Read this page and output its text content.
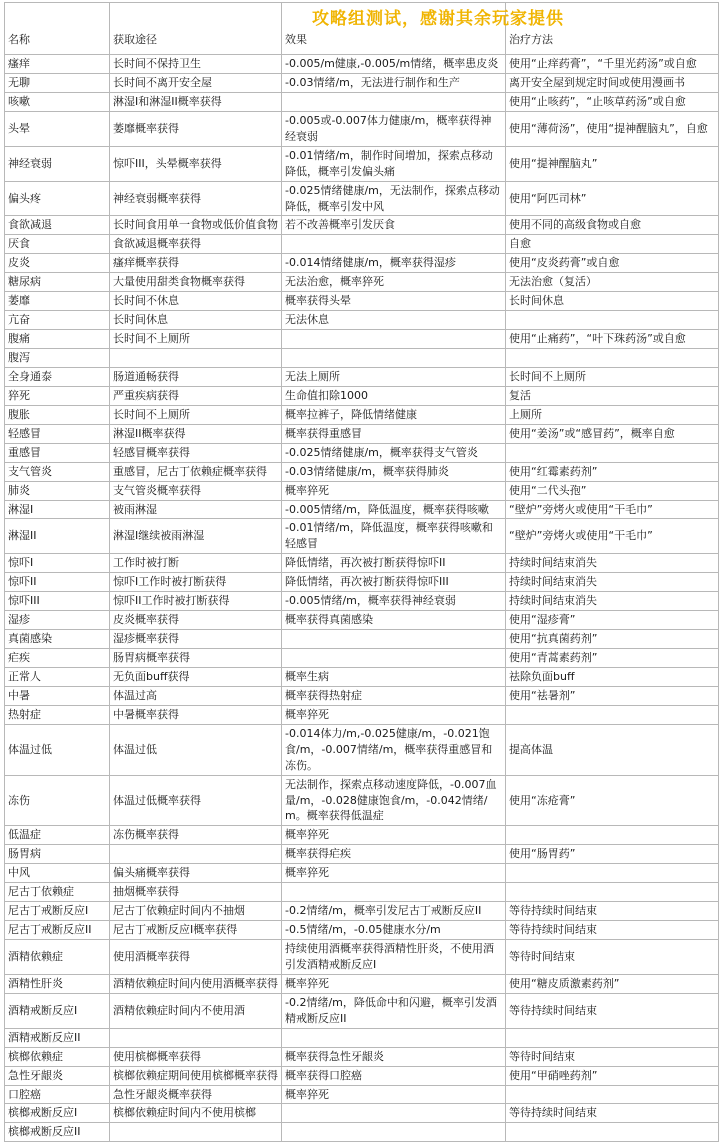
攻略组测试，感谢其余玩家提供
名称	获取途径	效果	治疗方法
瘙痒	长时间不保持卫生	-0.005/m健康,-0.005/m情绪，概率患皮炎	使用“止痒药膏”，“千里光药汤”或自愈
无聊	长时间不离开安全屋	-0.03情绪/m，无法进行制作和生产	离开安全屋到规定时间或使用漫画书
咳嗽	淋湿I和淋湿II概率获得		使用“止咳药”，“止咳草药汤”或自愈
头晕	萎靡概率获得	-0.005或-0.007体力健康/m，概率获得神经衰弱	使用“薄荷汤”，使用“提神醒脑丸”，自愈
神经衰弱	惊吓III，头晕概率获得	-0.01情绪/m，制作时间增加，探索点移动降低，概率引发偏头痛	使用“提神醒脑丸”
偏头疼	神经衰弱概率获得	-0.025情绪健康/m，无法制作，探索点移动降低，概率引发中风	使用“阿匹司林”
食欲减退	长时间食用单一食物或低价值食物	若不改善概率引发厌食	使用不同的高级食物或自愈
厌食	食欲减退概率获得		自愈
皮炎	瘙痒概率获得	-0.014情绪健康/m，概率获得湿疹	使用“皮炎药膏”或自愈
糖尿病	大量使用甜类食物概率获得	无法治愈，概率猝死	无法治愈（复活）
萎靡	长时间不休息	概率获得头晕	长时间休息
亢奋	长时间休息	无法休息	
腹痛	长时间不上厕所		使用“止痛药”，“叶下珠药汤”或自愈
腹泻			
全身通泰	肠道通畅获得	无法上厕所	长时间不上厕所
猝死	严重疾病获得	生命值扣除1000	复活
腹胀	长时间不上厕所	概率拉裤子，降低情绪健康	上厕所
轻感冒	淋湿II概率获得	概率获得重感冒	使用“姜汤”或“感冒药”，概率自愈
重感冒	轻感冒概率获得	-0.025情绪健康/m，概率获得支气管炎	
支气管炎	重感冒，尼古丁依赖症概率获得	-0.03情绪健康/m，概率获得肺炎	使用“红霉素药剂”
肺炎	支气管炎概率获得	概率猝死	使用“二代头孢”
淋湿I	被雨淋湿	-0.005情绪/m，降低温度，概率获得咳嗽	“壁炉”旁烤火或使用“干毛巾”
淋湿II	淋湿I继续被雨淋湿	-0.01情绪/m，降低温度，概率获得咳嗽和轻感冒	“壁炉”旁烤火或使用“干毛巾”
惊吓I	工作时被打断	降低情绪，再次被打断获得惊吓II	持续时间结束消失
惊吓II	惊吓I工作时被打断获得	降低情绪，再次被打断获得惊吓III	持续时间结束消失
惊吓III	惊吓II工作时被打断获得	-0.005情绪/m，概率获得神经衰弱	持续时间结束消失
湿疹	皮炎概率获得	概率获得真菌感染	使用“湿疹膏”
真菌感染	湿疹概率获得		使用“抗真菌药剂”
疟疾	肠胃病概率获得		使用“青蒿素药剂”
正常人	无负面buff获得	概率生病	祛除负面buff
中暑	体温过高	概率获得热射症	使用“祛暑剂”
热射症	中暑概率获得	概率猝死	
体温过低	体温过低	-0.014体力/m,-0.025健康/m，-0.021饱食/m，-0.007情绪/m，概率获得重感冒和冻伤。	提高体温
冻伤	体温过低概率获得	无法制作，探索点移动速度降低，-0.007血量/m，-0.028健康饱食/m，-0.042情绪/m。概率获得低温症	使用“冻疮膏”
低温症	冻伤概率获得	概率猝死	
肠胃病		概率获得疟疾	使用“肠胃药”
中风	偏头痛概率获得	概率猝死	
尼古丁依赖症	抽烟概率获得		
尼古丁戒断反应I	尼古丁依赖症时间内不抽烟	-0.2情绪/m，概率引发尼古丁戒断反应II	等待持续时间结束
尼古丁戒断反应II	尼古丁戒断反应I概率获得	-0.5情绪/m，-0.05健康水分/m	等待持续时间结束
酒精依赖症	使用酒概率获得	持续使用酒概率获得酒精性肝炎，不使用酒引发酒精戒断反应I	等待时间结束
酒精性肝炎	酒精依赖症时间内使用酒概率获得	概率猝死	使用“糖皮质激素药剂”
酒精戒断反应I	酒精依赖症时间内不使用酒	-0.2情绪/m，降低命中和闪避，概率引发酒精戒断反应II	等待持续时间结束
酒精戒断反应II			
槟榔依赖症	使用槟榔概率获得	概率获得急性牙龈炎	等待时间结束
急性牙龈炎	槟榔依赖症期间使用槟榔概率获得	概率获得口腔癌	使用“甲硝唑药剂”
口腔癌	急性牙龈炎概率获得	概率猝死	
槟榔戒断反应I	槟榔依赖症时间内不使用槟榔		等待持续时间结束
槟榔戒断反应II			
